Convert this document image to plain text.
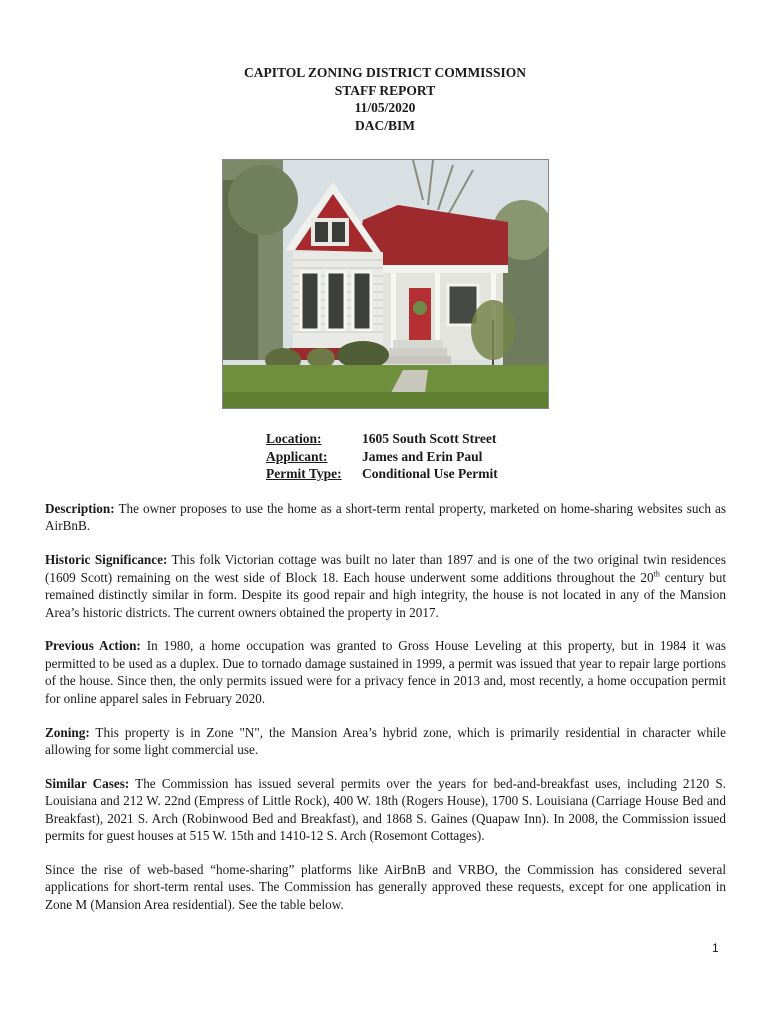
CAPITOL ZONING DISTRICT COMMISSION
STAFF REPORT
11/05/2020
DAC/BIM
Location:	1605 South Scott Street
Applicant:	James and Erin Paul
Permit Type:	Conditional Use Permit

Description: The owner proposes to use the home as a short-term rental property, marketed on home-sharing websites such as AirBnB.

Historic Significance: This folk Victorian cottage was built no later than 1897 and is one of the two original twin residences (1609 Scott) remaining on the west side of Block 18. Each house underwent some additions throughout the 20th century but remained distinctly similar in form. Despite its good repair and high integrity, the house is not located in any of the Mansion Area’s historic districts. The current owners obtained the property in 2017.

Previous Action: In 1980, a home occupation was granted to Gross House Leveling at this property, but in 1984 it was permitted to be used as a duplex. Due to tornado damage sustained in 1999, a permit was issued that year to repair large portions of the house. Since then, the only permits issued were for a privacy fence in 2013 and, most recently, a home occupation permit for online apparel sales in February 2020.

Zoning: This property is in Zone "N", the Mansion Area’s hybrid zone, which is primarily residential in character while allowing for some light commercial use.

Similar Cases: The Commission has issued several permits over the years for bed-and-breakfast uses, including 2120 S. Louisiana and 212 W. 22nd (Empress of Little Rock), 400 W. 18th (Rogers House), 1700 S. Louisiana (Carriage House Bed and Breakfast), 2021 S. Arch (Robinwood Bed and Breakfast), and 1868 S. Gaines (Quapaw Inn). In 2008, the Commission issued permits for guest houses at 515 W. 15th and 1410-12 S. Arch (Rosemont Cottages).

Since the rise of web-based “home-sharing” platforms like AirBnB and VRBO, the Commission has considered several applications for short-term rental uses. The Commission has generally approved these requests, except for one application in Zone M (Mansion Area residential). See the table below.

1
